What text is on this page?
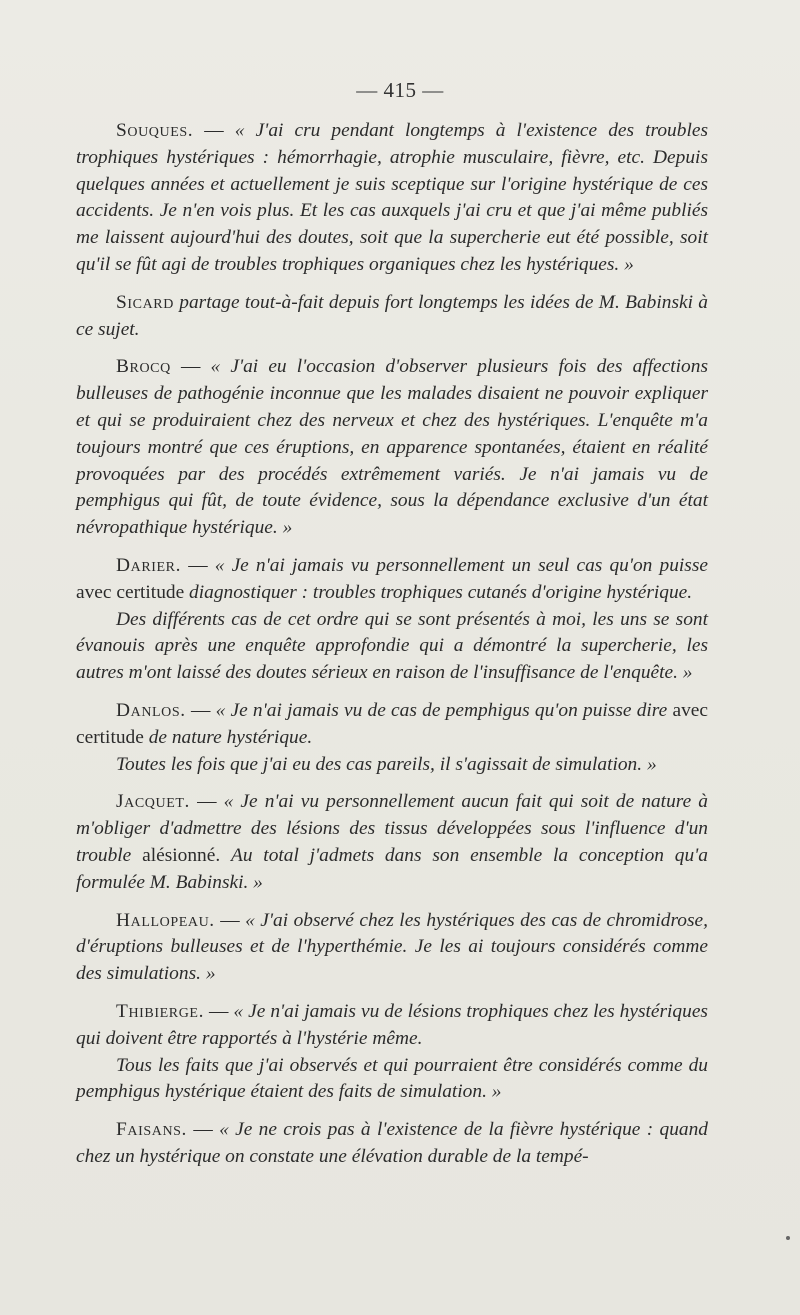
— 415 —

Souques. — « J'ai cru pendant longtemps à l'existence des troubles trophiques hystériques : hémorrhagie, atrophie musculaire, fièvre, etc. Depuis quelques années et actuellement je suis sceptique sur l'origine hystérique de ces accidents. Je n'en vois plus. Et les cas auxquels j'ai cru et que j'ai même publiés me laissent aujourd'hui des doutes, soit que la supercherie eut été possible, soit qu'il se fût agi de troubles trophiques organiques chez les hystériques. »

Sicard partage tout-à-fait depuis fort longtemps les idées de M. Babinski à ce sujet.

Brocq — « J'ai eu l'occasion d'observer plusieurs fois des affections bulleuses de pathogénie inconnue que les malades disaient ne pouvoir expliquer et qui se produiraient chez des nerveux et chez des hystériques. L'enquête m'a toujours montré que ces éruptions, en apparence spontanées, étaient en réalité provoquées par des procédés extrêmement variés. Je n'ai jamais vu de pemphigus qui fût, de toute évidence, sous la dépendance exclusive d'un état névropathique hystérique. »

Darier. — « Je n'ai jamais vu personnellement un seul cas qu'on puisse avec certitude diagnostiquer : troubles trophiques cutanés d'origine hystérique.

Des différents cas de cet ordre qui se sont présentés à moi, les uns se sont évanouis après une enquête approfondie qui a démontré la supercherie, les autres m'ont laissé des doutes sérieux en raison de l'insuffisance de l'enquête. »

Danlos. — « Je n'ai jamais vu de cas de pemphigus qu'on puisse dire avec certitude de nature hystérique.

Toutes les fois que j'ai eu des cas pareils, il s'agissait de simulation. »

Jacquet. — « Je n'ai vu personnellement aucun fait qui soit de nature à m'obliger d'admettre des lésions des tissus développées sous l'influence d'un trouble alésionné. Au total j'admets dans son ensemble la conception qu'a formulée M. Babinski. »

Hallopeau. — « J'ai observé chez les hystériques des cas de chromidrose, d'éruptions bulleuses et de l'hyperthémie. Je les ai toujours considérés comme des simulations. »

Thibierge. — « Je n'ai jamais vu de lésions trophiques chez les hystériques qui doivent être rapportés à l'hystérie même.

Tous les faits que j'ai observés et qui pourraient être considérés comme du pemphigus hystérique étaient des faits de simulation. »

Faisans. — « Je ne crois pas à l'existence de la fièvre hystérique : quand chez un hystérique on constate une élévation durable de la tempé-
